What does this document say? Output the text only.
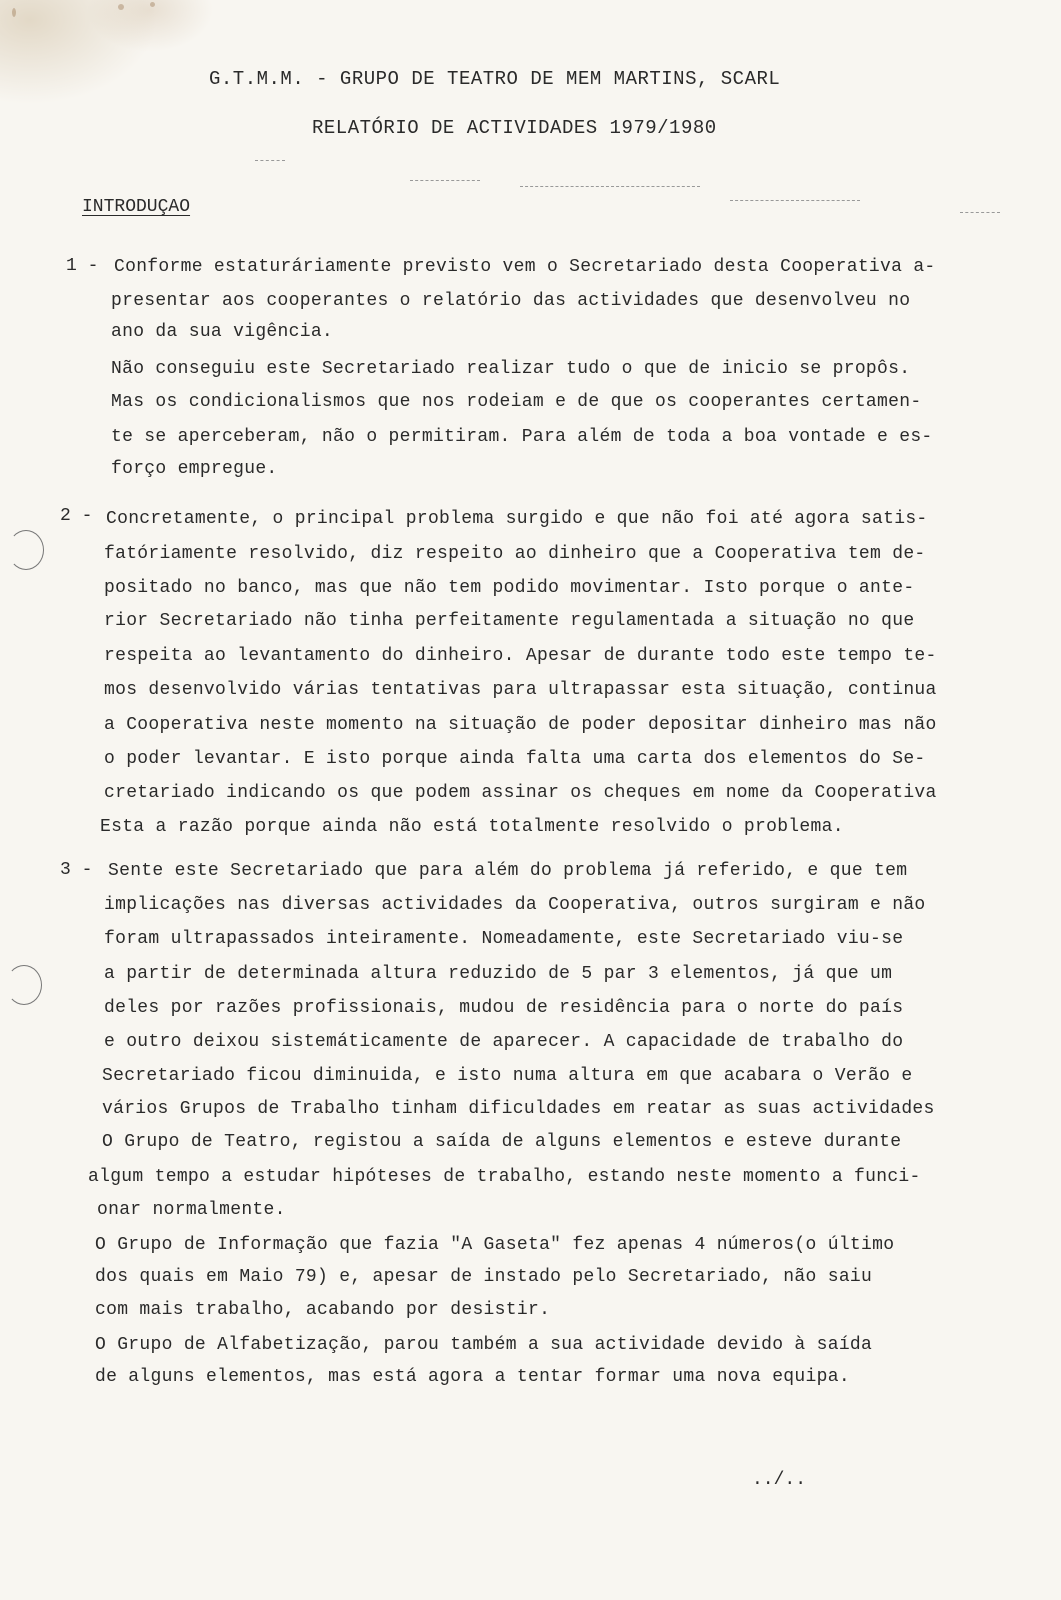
G.T.M.M. - GRUPO DE TEATRO DE MEM MARTINS, SCARL
RELATÓRIO DE ACTIVIDADES 1979/1980
INTRODUÇAO
1 - Conforme estaturáriamente previsto vem o Secretariado desta Cooperativa a-
presentar aos cooperantes o relatório das actividades que desenvolveu no
ano da sua vigência.
Não conseguiu este Secretariado realizar tudo o que de inicio se propôs.
Mas os condicionalismos que nos rodeiam e de que os cooperantes certamen-
te se aperceberam, não o permitiram. Para além de toda a boa vontade e es-
forço empregue.
2 - Concretamente, o principal problema surgido e que não foi até agora satis-
fatóriamente resolvido, diz respeito ao dinheiro que a Cooperativa tem de-
positado no banco, mas que não tem podido movimentar. Isto porque o ante-
rior Secretariado não tinha perfeitamente regulamentada a situação no que
respeita ao levantamento do dinheiro. Apesar de durante todo este tempo te-
mos desenvolvido várias tentativas para ultrapassar esta situação, continua
a Cooperativa neste momento na situação de poder depositar dinheiro mas não
o poder levantar. E isto porque ainda falta uma carta dos elementos do Se-
cretariado indicando os que podem assinar os cheques em nome da Cooperativa
Esta a razão porque ainda não está totalmente resolvido o problema.
3 - Sente este Secretariado que para além do problema já referido, e que tem
implicações nas diversas actividades da Cooperativa, outros surgiram e não
foram ultrapassados inteiramente. Nomeadamente, este Secretariado viu-se
a partir de determinada altura reduzido de 5 par 3 elementos, já que um
deles por razões profissionais, mudou de residência para o norte do país
e outro deixou sistemáticamente de aparecer. A capacidade de trabalho do
Secretariado ficou diminuida, e isto numa altura em que acabara o Verão e
vários Grupos de Trabalho tinham dificuldades em reatar as suas actividades
O Grupo de Teatro, registou a saída de alguns elementos e esteve durante
algum tempo a estudar hipóteses de trabalho, estando neste momento a funci-
onar normalmente.
O Grupo de Informação que fazia "A Gaseta" fez apenas 4 números(o último
dos quais em Maio 79) e, apesar de instado pelo Secretariado, não saiu
com mais trabalho, acabando por desistir.
O Grupo de Alfabetização, parou também a sua actividade devido à saída
de alguns elementos, mas está agora a tentar formar uma nova equipa.
../..
